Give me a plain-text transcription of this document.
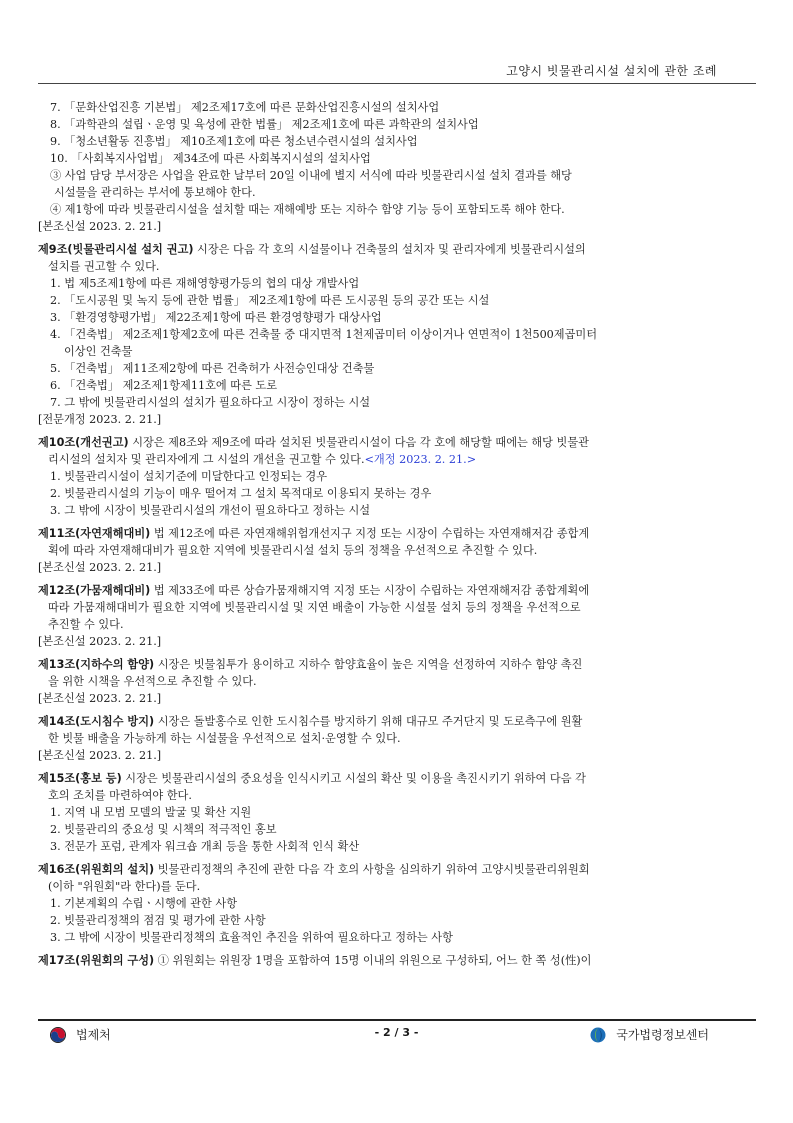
고양시 빗물관리시설 설치에 관한 조례
7. 「문화산업진흥 기본법」 제2조제17호에 따른 문화산업진흥시설의 설치사업
8. 「과학관의 설립ㆍ운영 및 육성에 관한 법률」 제2조제1호에 따른 과학관의 설치사업
9. 「청소년활동 진흥법」 제10조제1호에 따른 청소년수련시설의 설치사업
10. 「사회복지사업법」 제34조에 따른 사회복지시설의 설치사업
③ 사업 담당 부서장은 사업을 완료한 날부터 20일 이내에 별지 서식에 따라 빗물관리시설 설치 결과를 해당
시설물을 관리하는 부서에 통보해야 한다.
④ 제1항에 따라 빗물관리시설을 설치할 때는 재해예방 또는 지하수 함양 기능 등이 포함되도록 해야 한다.
[본조신설 2023. 2. 21.]
제9조(빗물관리시설 설치 권고) 시장은 다음 각 호의 시설물이나 건축물의 설치자 및 관리자에게 빗물관리시설의
설치를 권고할 수 있다.
1. 법 제5조제1항에 따른 재해영향평가등의 협의 대상 개발사업
2. 「도시공원 및 녹지 등에 관한 법률」 제2조제1항에 따른 도시공원 등의 공간 또는 시설
3. 「환경영향평가법」 제22조제1항에 따른 환경영향평가 대상사업
4. 「건축법」 제2조제1항제2호에 따른 건축물 중 대지면적 1천제곱미터 이상이거나 연면적이 1천500제곱미터
이상인 건축물
5. 「건축법」 제11조제2항에 따른 건축허가 사전승인대상 건축물
6. 「건축법」 제2조제1항제11호에 따른 도로
7. 그 밖에 빗물관리시설의 설치가 필요하다고 시장이 정하는 시설
[전문개정 2023. 2. 21.]
제10조(개선권고) 시장은 제8조와 제9조에 따라 설치된 빗물관리시설이 다음 각 호에 해당할 때에는 해당 빗물관
리시설의 설치자 및 관리자에게 그 시설의 개선을 권고할 수 있다.<개정 2023. 2. 21.>
1. 빗물관리시설이 설치기준에 미달한다고 인정되는 경우
2. 빗물관리시설의 기능이 매우 떨어져 그 설치 목적대로 이용되지 못하는 경우
3. 그 밖에 시장이 빗물관리시설의 개선이 필요하다고 정하는 시설
제11조(자연재해대비) 법 제12조에 따른 자연재해위험개선지구 지정 또는 시장이 수립하는 자연재해저감 종합계
획에 따라 자연재해대비가 필요한 지역에 빗물관리시설 설치 등의 정책을 우선적으로 추진할 수 있다.
[본조신설 2023. 2. 21.]
제12조(가뭄재해대비) 법 제33조에 따른 상습가뭄재해지역 지정 또는 시장이 수립하는 자연재해저감 종합계획에
따라 가뭄재해대비가 필요한 지역에 빗물관리시설 및 지연 배출이 가능한 시설물 설치 등의 정책을 우선적으로
추진할 수 있다.
[본조신설 2023. 2. 21.]
제13조(지하수의 함양) 시장은 빗물침투가 용이하고 지하수 함양효율이 높은 지역을 선정하여 지하수 함양 촉진
을 위한 시책을 우선적으로 추진할 수 있다.
[본조신설 2023. 2. 21.]
제14조(도시침수 방지) 시장은 돌발홍수로 인한 도시침수를 방지하기 위해 대규모 주거단지 및 도로측구에 원활
한 빗물 배출을 가능하게 하는 시설물을 우선적으로 설치·운영할 수 있다.
[본조신설 2023. 2. 21.]
제15조(홍보 등) 시장은 빗물관리시설의 중요성을 인식시키고 시설의 확산 및 이용을 촉진시키기 위하여 다음 각
호의 조치를 마련하여야 한다.
1. 지역 내 모범 모델의 발굴 및 확산 지원
2. 빗물관리의 중요성 및 시책의 적극적인 홍보
3. 전문가 포럼, 관계자 워크숍 개최 등을 통한 사회적 인식 확산
제16조(위원회의 설치) 빗물관리정책의 추진에 관한 다음 각 호의 사항을 심의하기 위하여 고양시빗물관리위원회
(이하 "위원회"라 한다)를 둔다.
1. 기본계획의 수립ㆍ시행에 관한 사항
2. 빗물관리정책의 점검 및 평가에 관한 사항
3. 그 밖에 시장이 빗물관리정책의 효율적인 추진을 위하여 필요하다고 정하는 사항
제17조(위원회의 구성) ① 위원회는 위원장 1명을 포함하여 15명 이내의 위원으로 구성하되, 어느 한 쪽 성(性)이
법제처	- 2 / 3 -	국가법령정보센터
